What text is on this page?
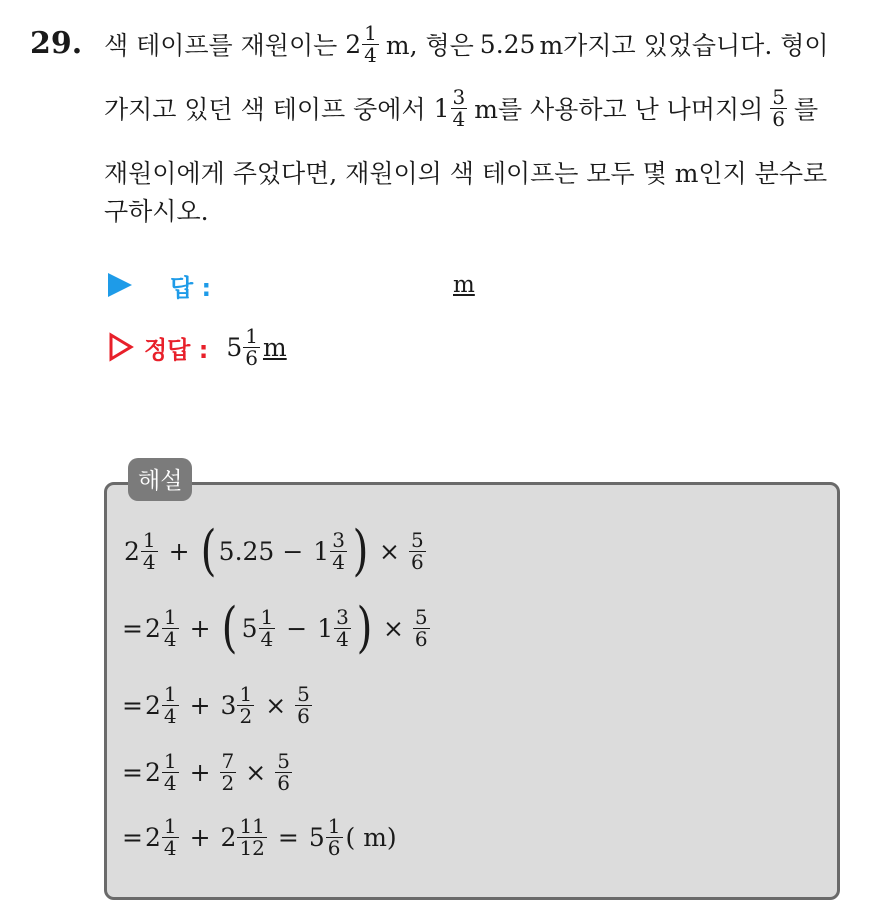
29. 색 테이프를 재원이는 $2 \frac{1}{4} m$, 형은 5.25 m가지고 있었습니다. 형이
가지고 있던 색 테이프 중에서 $1 \frac{3}{4}$ m를 사용하고 난 나머지의 $\frac{5}{6}$ 를
재원이에게 주었다면, 재원이의 색 테이프는 모두 몇 m인지 분수로
구하시오.
답 :	m
정답 : $5 \frac{1}{6}$ m
해설
$2 \frac{1}{4}$ + ( $5.25 - 1 \frac{3}{4}$ ) × $\frac{5}{6}$
= $2 \frac{1}{4}$ + ( $5 \frac{1}{4} - 1 \frac{3}{4}$ ) × $\frac{5}{6}$
= $2 \frac{1}{4} + 3 \frac{1}{2} \times \frac{5}{6}$
= $2 \frac{1}{4} + \frac{7}{2} \times \frac{5}{6}$
= $2 \frac{1}{4} + 2 \frac{11}{12} = 5 \frac{1}{6}$ ( m)
